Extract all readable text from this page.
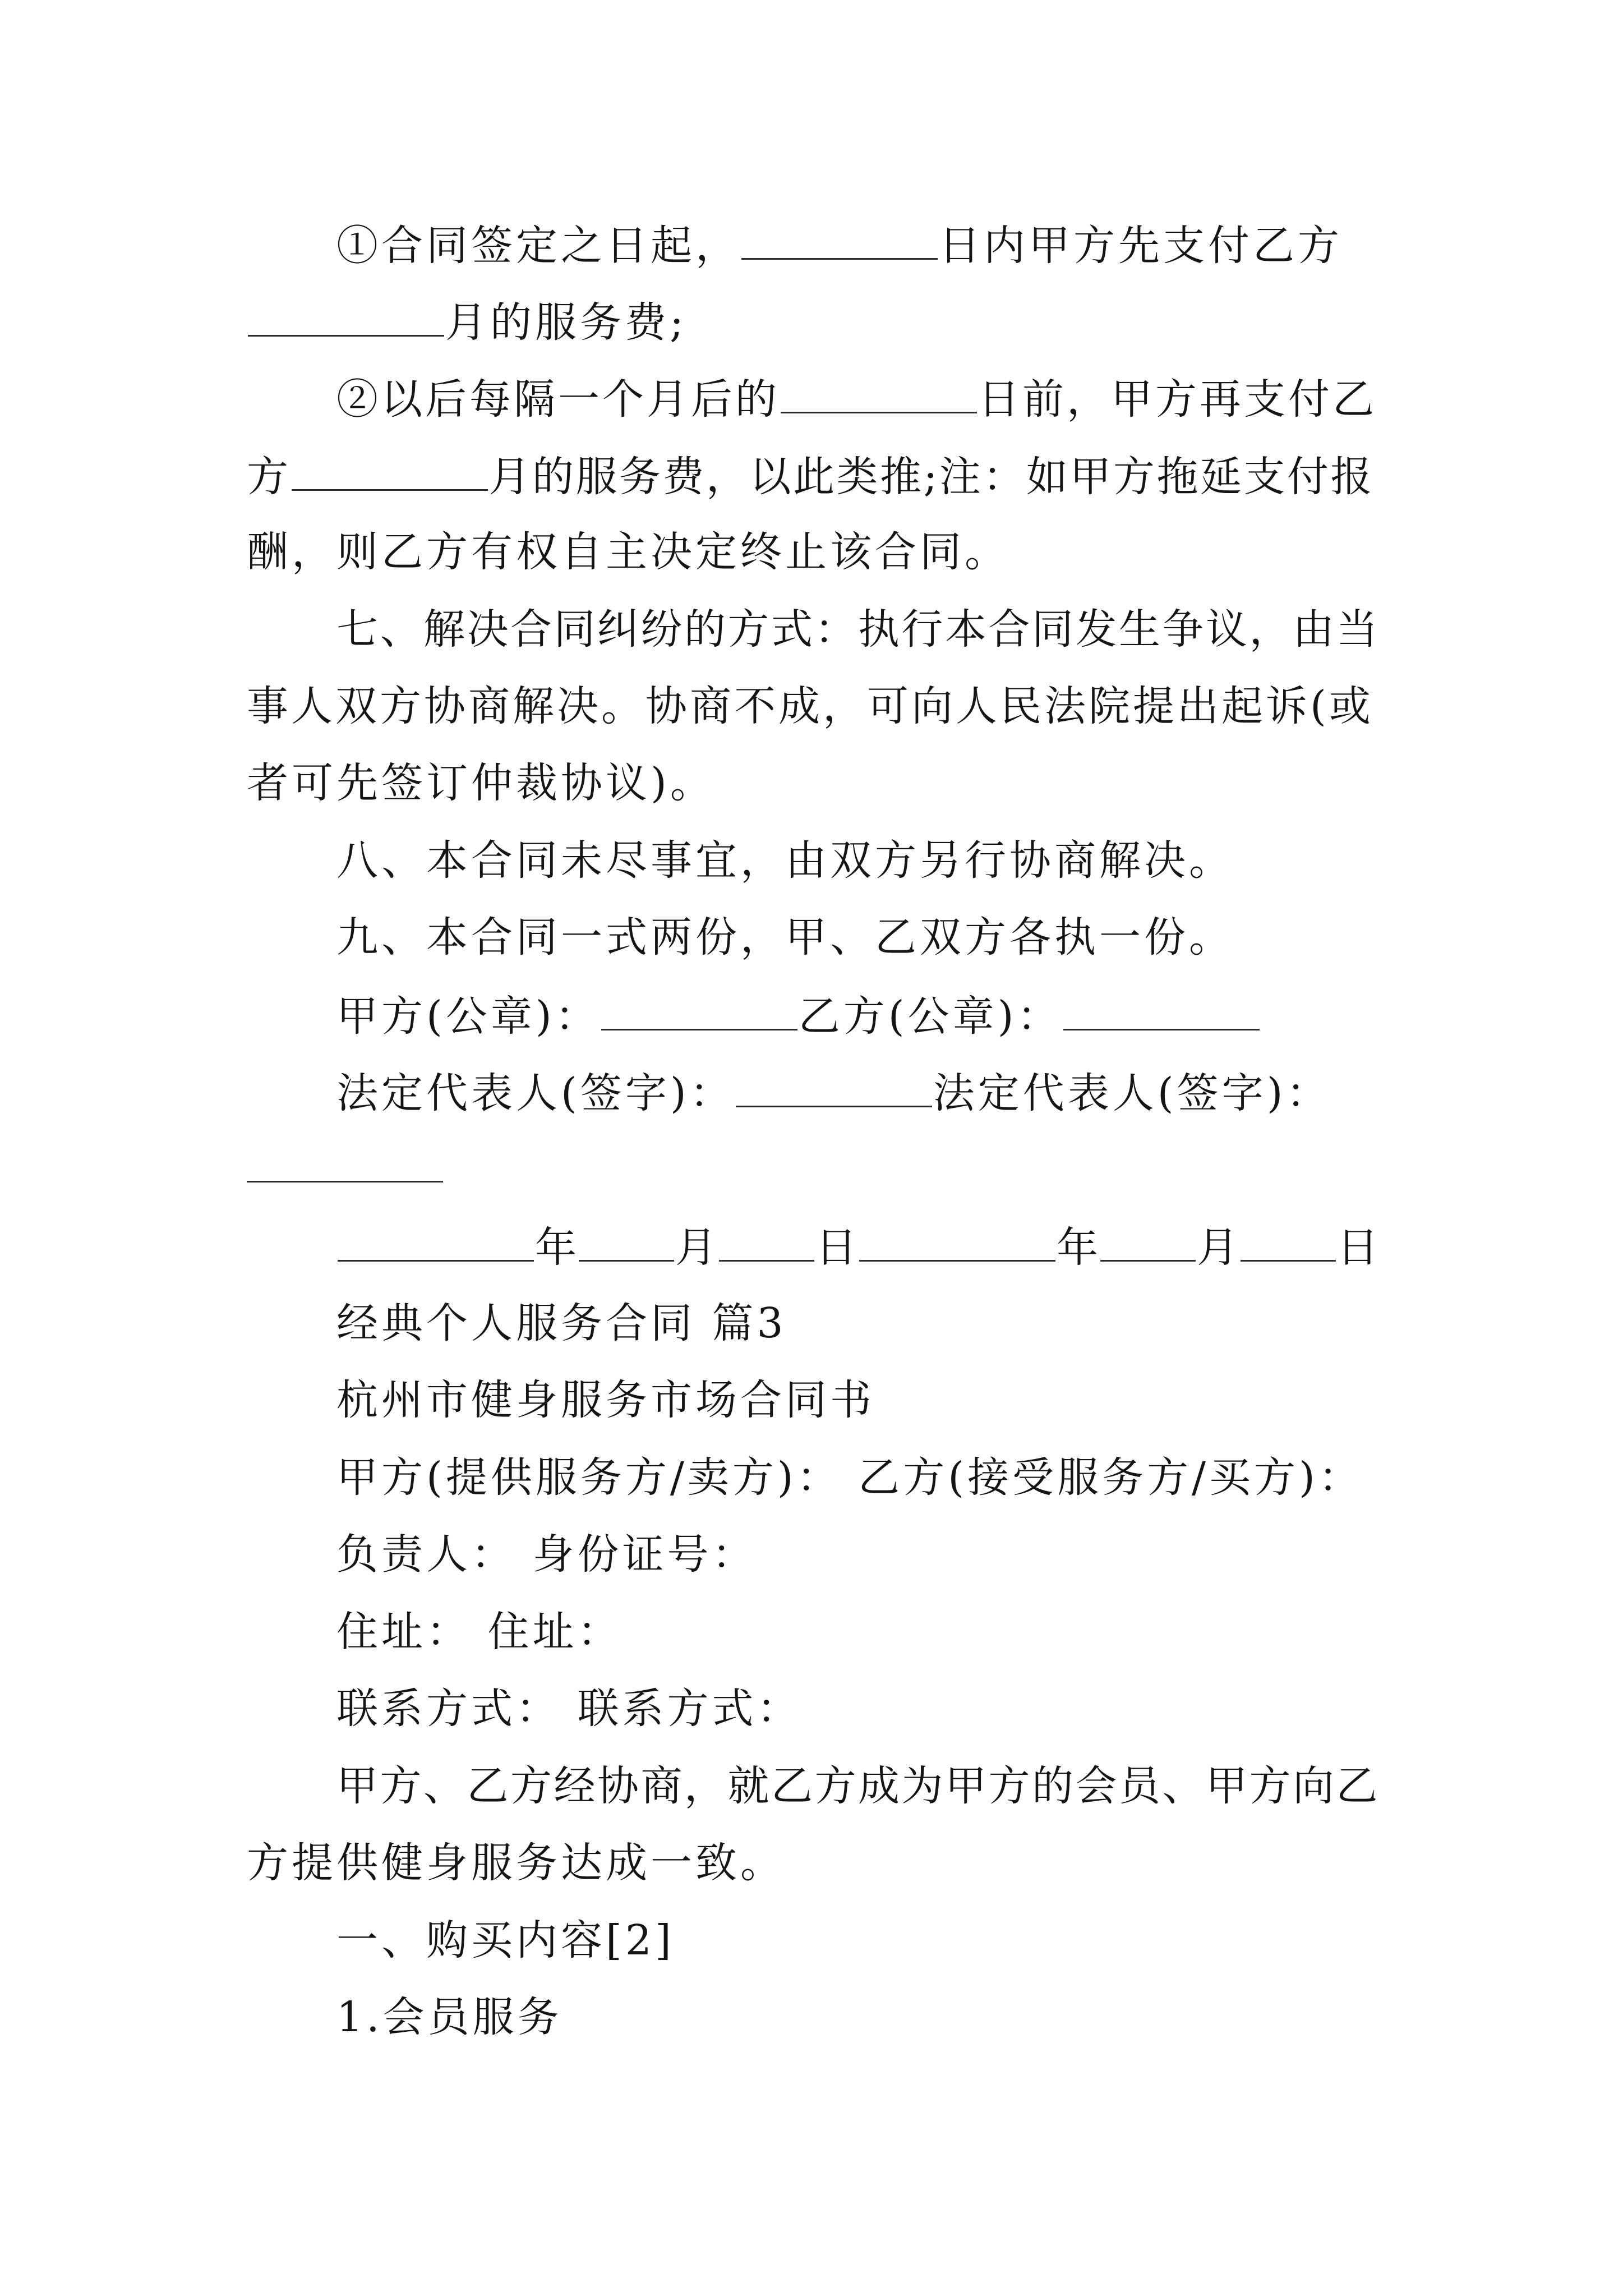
①合同签定之日起，	日内甲方先支付乙方
月的服务费;
②以后每隔一个月后的	日前，甲方再支付乙
方	月的服务费，以此类推;注：如甲方拖延支付报
酬，则乙方有权自主决定终止该合同。
七、解决合同纠纷的方式：执行本合同发生争议，由当
事人双方协商解决。协商不成，可向人民法院提出起诉(或
者可先签订仲裁协议)。
八、本合同未尽事宜，由双方另行协商解决。
九、本合同一式两份，甲、乙双方各执一份。
甲方(公章)：	乙方(公章)：
法定代表人(签字)：	法定代表人(签字)：
年 月 日	年 月 日
经典个人服务合同 篇3
杭州市健身服务市场合同书
甲方(提供服务方/卖方)： 乙方(接受服务方/买方)：
负责人： 身份证号：
住址： 住址：
联系方式： 联系方式：
甲方、乙方经协商，就乙方成为甲方的会员、甲方向乙
方提供健身服务达成一致。
一、购买内容[2]
1.会员服务
